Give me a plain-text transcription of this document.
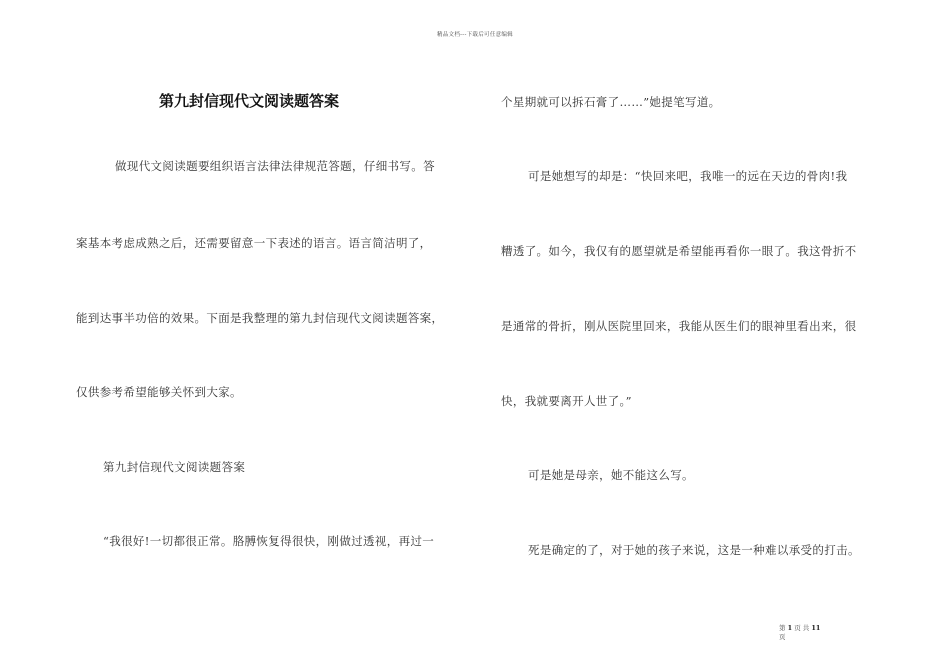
精品文档---下载后可任意编辑
第九封信现代文阅读题答案
做现代文阅读题要组织语言法律法律规范答题，仔细书写。答
案基本考虑成熟之后，还需要留意一下表述的语言。语言简洁明了，
能到达事半功倍的效果。下面是我整理的第九封信现代文阅读题答案，
仅供参考希望能够关怀到大家。
第九封信现代文阅读题答案
“我很好!一切都很正常。胳膊恢复得很快，刚做过透视，再过一
个星期就可以拆石膏了……”她提笔写道。
可是她想写的却是：“快回来吧，我唯一的远在天边的骨肉!我
糟透了。如今，我仅有的愿望就是希望能再看你一眼了。我这骨折不
是通常的骨折，刚从医院里回来，我能从医生们的眼神里看出来，很
快，我就要离开人世了。”
可是她是母亲，她不能这么写。
死是确定的了，对于她的孩子来说，这是一种难以承受的打击。
第 1 页 共 11
页
